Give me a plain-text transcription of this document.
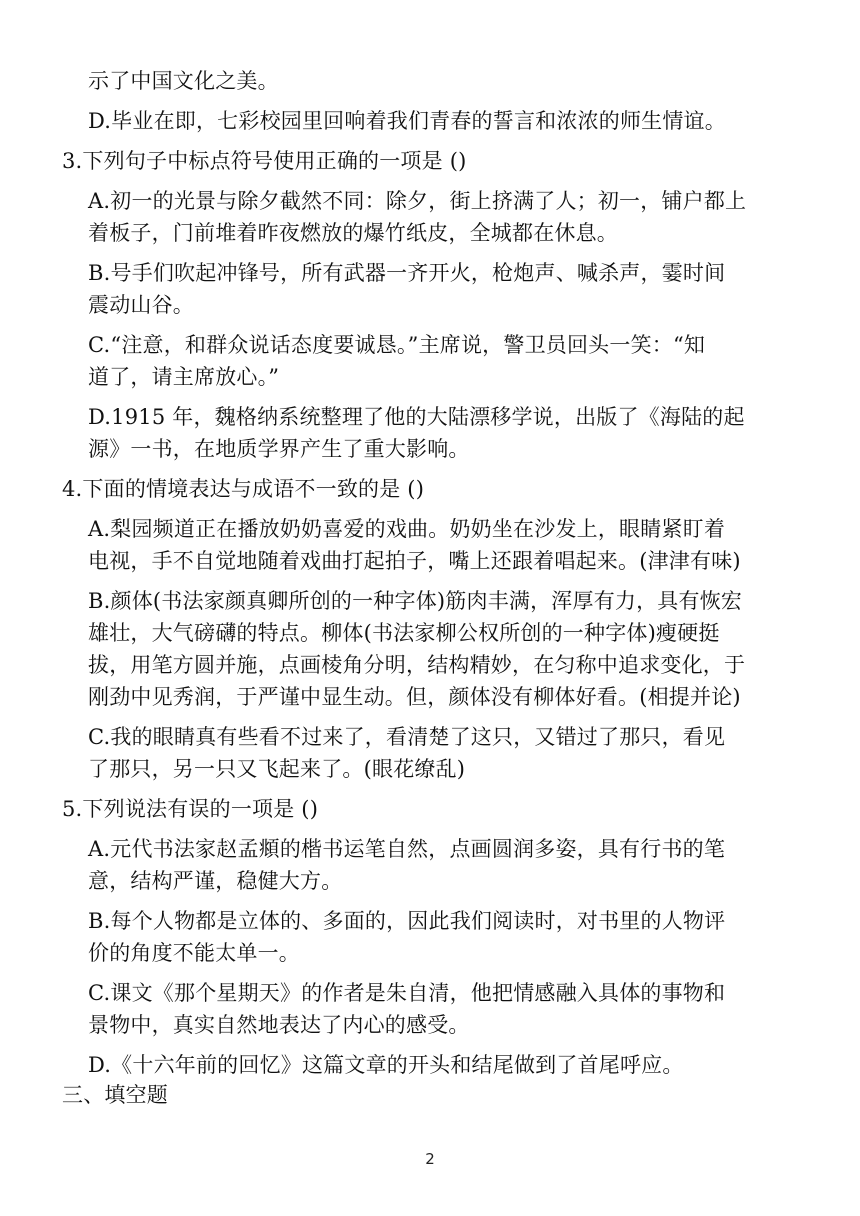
示了中国文化之美。
D.毕业在即，七彩校园里回响着我们青春的誓言和浓浓的师生情谊。
3.下列句子中标点符号使用正确的一项是 ()
A.初一的光景与除夕截然不同：除夕，街上挤满了人；初一，铺户都上
着板子，门前堆着昨夜燃放的爆竹纸皮，全城都在休息。
B.号手们吹起冲锋号，所有武器一齐开火，枪炮声、喊杀声，霎时间
震动山谷。
C.“注意，和群众说话态度要诚恳。”主席说，警卫员回头一笑：“知
道了，请主席放心。”
D.1915 年，魏格纳系统整理了他的大陆漂移学说，出版了《海陆的起
源》一书，在地质学界产生了重大影响。
4.下面的情境表达与成语不一致的是 ()
A.梨园频道正在播放奶奶喜爱的戏曲。奶奶坐在沙发上，眼睛紧盯着
电视，手不自觉地随着戏曲打起拍子，嘴上还跟着唱起来。(津津有味)
B.颜体(书法家颜真卿所创的一种字体)筋肉丰满，浑厚有力，具有恢宏
雄壮，大气磅礴的特点。柳体(书法家柳公权所创的一种字体)瘦硬挺
拔，用笔方圆并施，点画棱角分明，结构精妙，在匀称中追求变化，于
刚劲中见秀润，于严谨中显生动。但，颜体没有柳体好看。(相提并论)
C.我的眼睛真有些看不过来了，看清楚了这只，又错过了那只，看见
了那只，另一只又飞起来了。(眼花缭乱)
5.下列说法有误的一项是 ()
A.元代书法家赵孟頫的楷书运笔自然，点画圆润多姿，具有行书的笔
意，结构严谨，稳健大方。
B.每个人物都是立体的、多面的，因此我们阅读时，对书里的人物评
价的角度不能太单一。
C.课文《那个星期天》的作者是朱自清，他把情感融入具体的事物和
景物中，真实自然地表达了内心的感受。
D.《十六年前的回忆》这篇文章的开头和结尾做到了首尾呼应。
三、填空题
2
